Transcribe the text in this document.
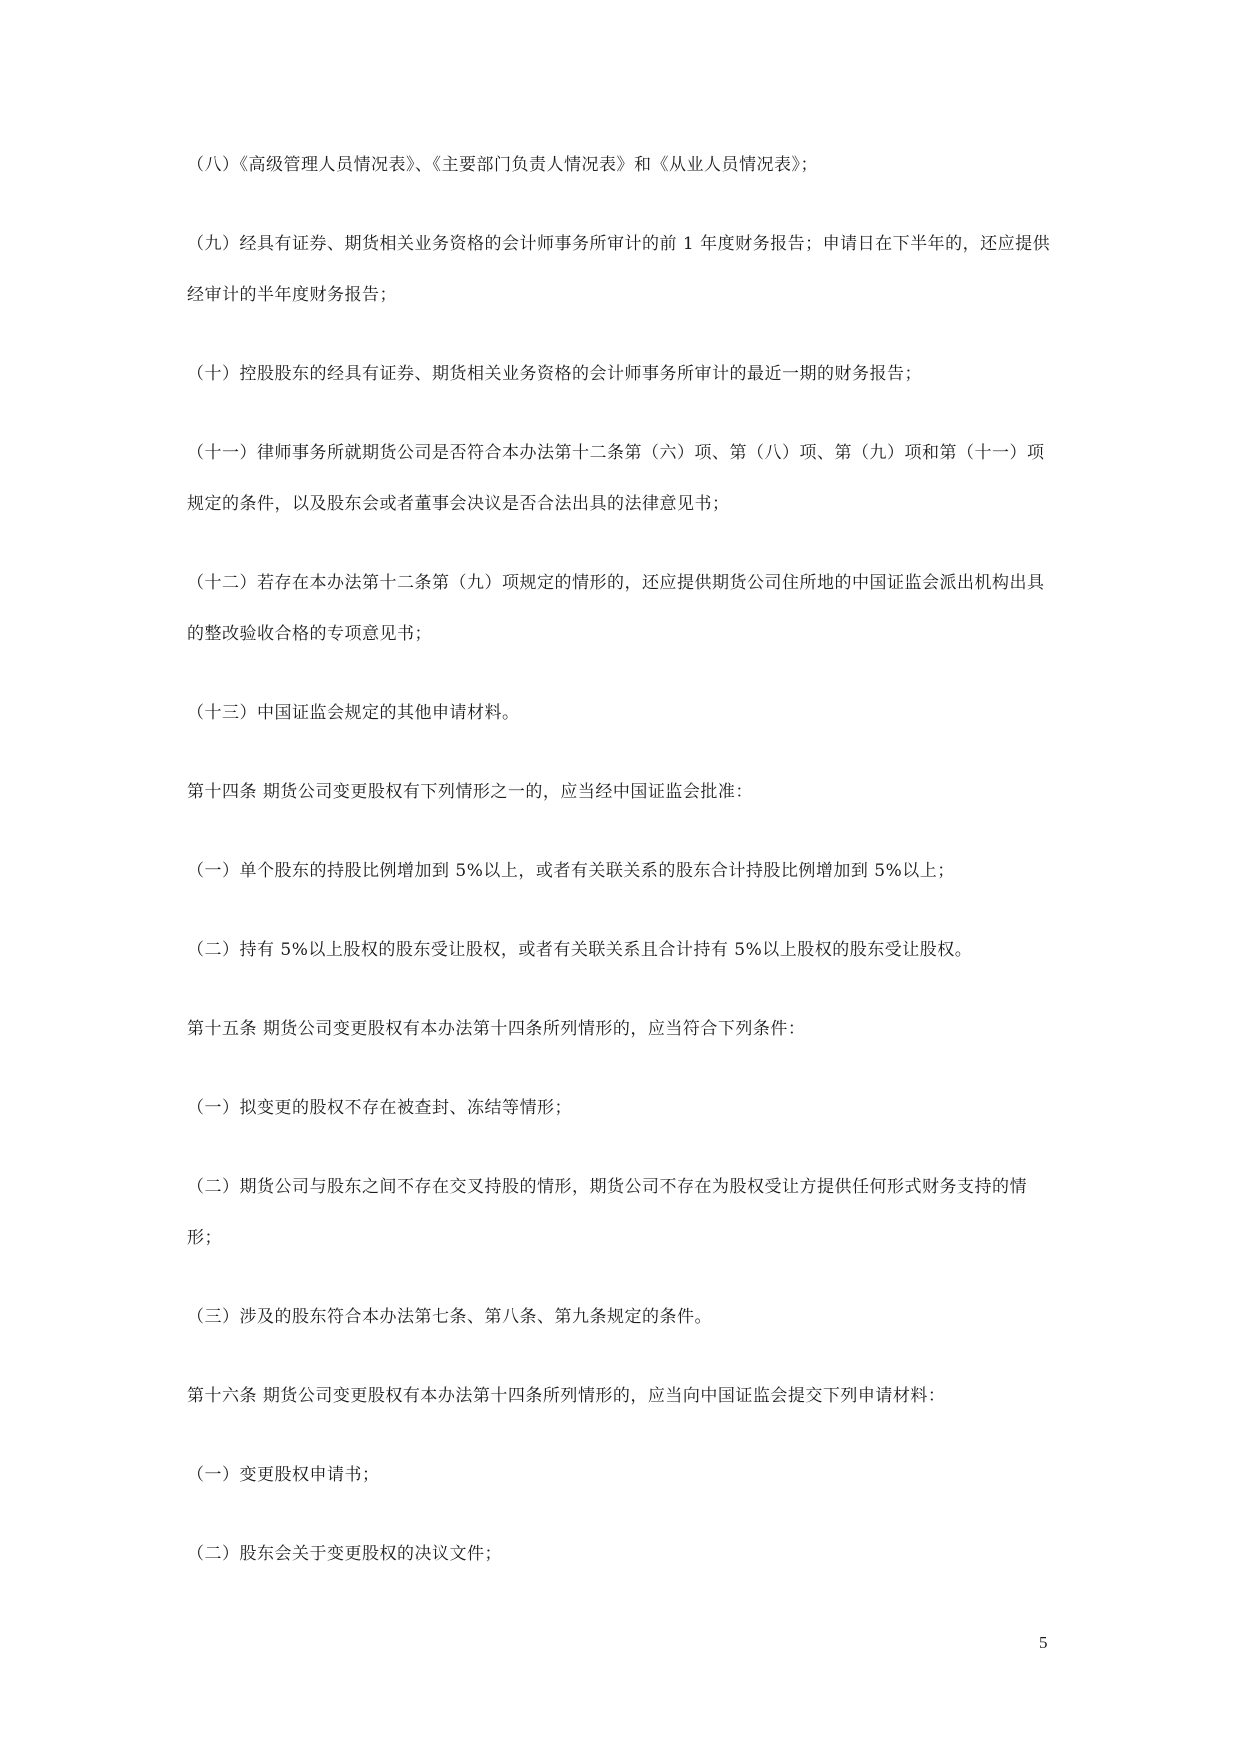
（八）《高级管理人员情况表》、《主要部门负责人情况表》和《从业人员情况表》；

（九）经具有证券、期货相关业务资格的会计师事务所审计的前 1 年度财务报告；申请日在下半年的，还应提供经审计的半年度财务报告；

（十）控股股东的经具有证券、期货相关业务资格的会计师事务所审计的最近一期的财务报告；

（十一）律师事务所就期货公司是否符合本办法第十二条第（六）项、第（八）项、第（九）项和第（十一）项规定的条件，以及股东会或者董事会决议是否合法出具的法律意见书；

（十二）若存在本办法第十二条第（九）项规定的情形的，还应提供期货公司住所地的中国证监会派出机构出具的整改验收合格的专项意见书；

（十三）中国证监会规定的其他申请材料。

第十四条 期货公司变更股权有下列情形之一的，应当经中国证监会批准：

（一）单个股东的持股比例增加到 5%以上，或者有关联关系的股东合计持股比例增加到 5%以上；

（二）持有 5%以上股权的股东受让股权，或者有关联关系且合计持有 5%以上股权的股东受让股权。

第十五条 期货公司变更股权有本办法第十四条所列情形的，应当符合下列条件：

（一）拟变更的股权不存在被查封、冻结等情形；

（二）期货公司与股东之间不存在交叉持股的情形，期货公司不存在为股权受让方提供任何形式财务支持的情形；

（三）涉及的股东符合本办法第七条、第八条、第九条规定的条件。

第十六条 期货公司变更股权有本办法第十四条所列情形的，应当向中国证监会提交下列申请材料：

（一）变更股权申请书；

（二）股东会关于变更股权的决议文件；

5
